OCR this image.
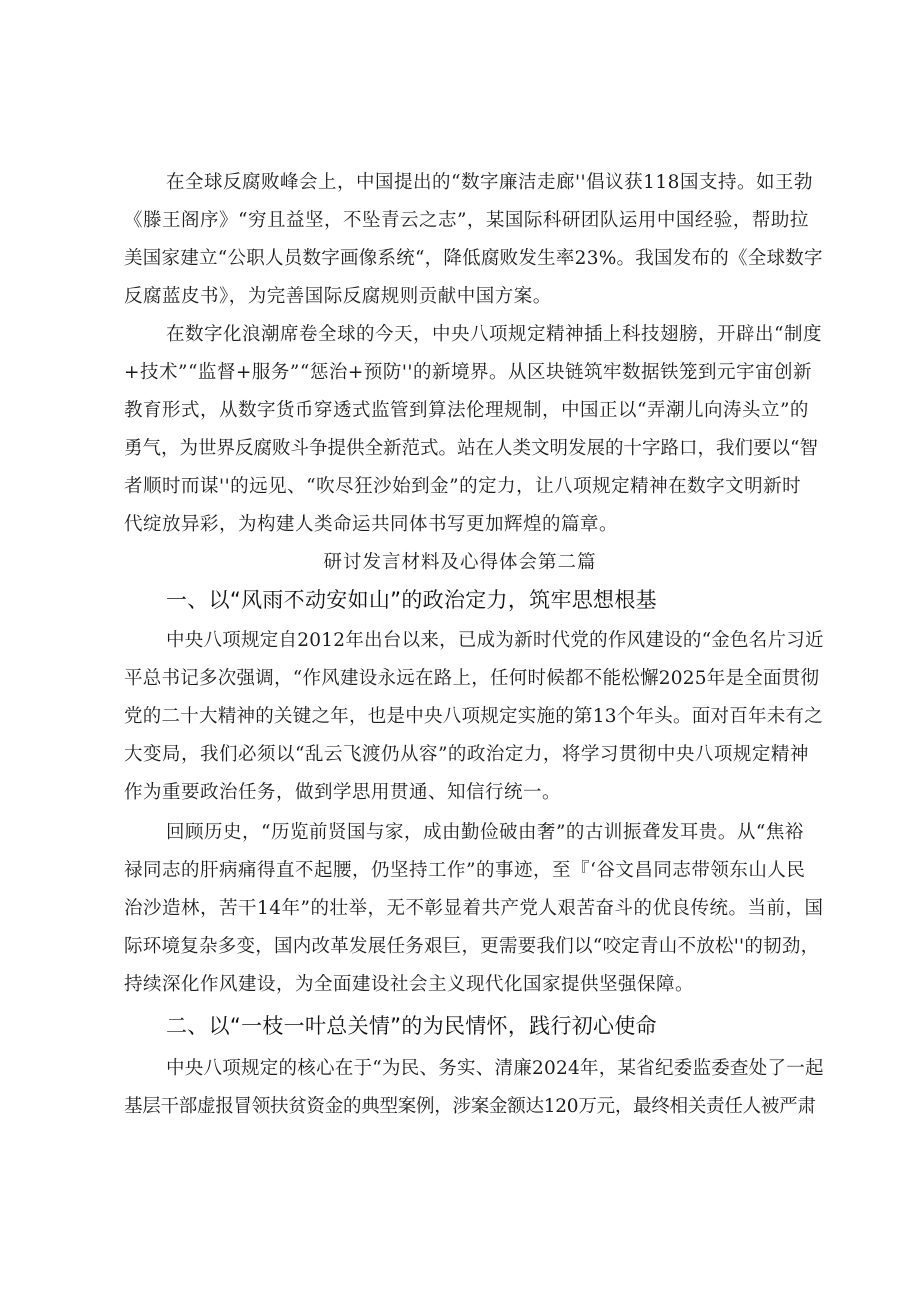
在全球反腐败峰会上，中国提出的“数字廉洁走廊''倡议获118国支持。如王勃
《滕王阁序》“穷且益坚，不坠青云之志”，某国际科研团队运用中国经验，帮助拉
美国家建立“公职人员数字画像系统“，降低腐败发生率23%。我国发布的《全球数字
反腐蓝皮书》，为完善国际反腐规则贡献中国方案。
在数字化浪潮席卷全球的今天，中央八项规定精神插上科技翅膀，开辟出“制度
+技术”“监督+服务”“惩治+预防''的新境界。从区块链筑牢数据铁笼到元宇宙创新
教育形式，从数字货币穿透式监管到算法伦理规制，中国正以“弄潮儿向涛头立”的
勇气，为世界反腐败斗争提供全新范式。站在人类文明发展的十字路口，我们要以“智
者顺时而谋''的远见、“吹尽狂沙始到金”的定力，让八项规定精神在数字文明新时
代绽放异彩，为构建人类命运共同体书写更加辉煌的篇章。
研讨发言材料及心得体会第二篇
一、以“风雨不动安如山”的政治定力，筑牢思想根基
中央八项规定自2012年出台以来，已成为新时代党的作风建设的“金色名片习近
平总书记多次强调，“作风建设永远在路上，任何时候都不能松懈2025年是全面贯彻
党的二十大精神的关键之年，也是中央八项规定实施的第13个年头。面对百年未有之
大变局，我们必须以“乱云飞渡仍从容”的政治定力，将学习贯彻中央八项规定精神
作为重要政治任务，做到学思用贯通、知信行统一。
回顾历史，“历览前贤国与家，成由勤俭破由奢”的古训振聋发耳贵。从“焦裕
禄同志的肝病痛得直不起腰，仍坚持工作”的事迹，至『‘谷文昌同志带领东山人民
治沙造林，苦干14年”的壮举，无不彰显着共产党人艰苦奋斗的优良传统。当前，国
际环境复杂多变，国内改革发展任务艰巨，更需要我们以“咬定青山不放松''的韧劲，
持续深化作风建设，为全面建设社会主义现代化国家提供坚强保障。
二、以“一枝一叶总关情”的为民情怀，践行初心使命
中央八项规定的核心在于“为民、务实、清廉2024年，某省纪委监委查处了一起
基层干部虚报冒领扶贫资金的典型案例，涉案金额达120万元，最终相关责任人被严肃
